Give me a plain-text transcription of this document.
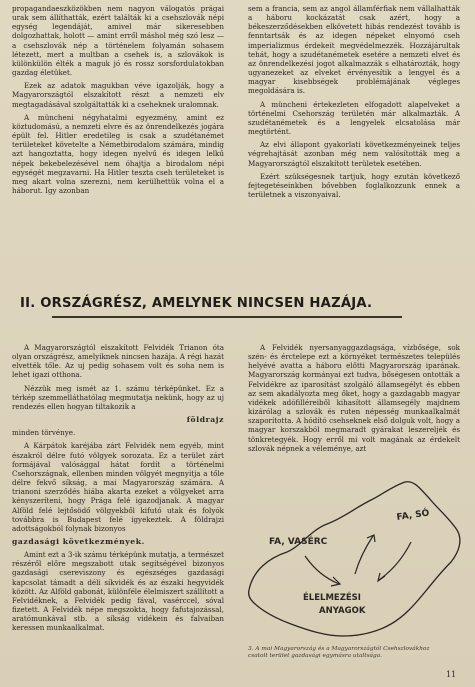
propagandaeszközökben nem nagyon válogatós prágai urak sem állíthatták, ezért találták ki a csehszlovák népi egység legendáját, amivel már sikeresebben dolgozhattak, holott — amint erről máshol még szó lesz — a csehszlovák nép a történelem folyamán sohasem létezett, mert a multban a csehek is, a szlovákok is különkülön élték a maguk jó és rossz sorsfordulatokban gazdag életüket.

Ezek az adatok magukban véve igazolják, hogy a Magyarországtól elszakított részt a nemzeti elv megtagadásával szolgáltatták ki a cseheknek uralomnak.

A müncheni négyhatalmi egyezmény, amint ez köztudomású, a nemzeti elvre és az önrendelkezés jogára épült fel. Hitler eredetileg is csak a szudétanémet területeket követelte a Németbirodalom számára, mindig azt hangoztatta, hogy idegen nyelvű és idegen lelkű népek bekebelezésével nem óhajtja a birodalom népi egységét megzavarni. Ha Hitler teszta cseh területeket is meg akart volna szerezni, nem kerülhettük volna el a háborut. Igy azonban

sem a francia, sem az angol államférfiak nem vállalhatták a háboru kockázatát csak azért, hogy a békeszerződésekben elkövetett hibás rendezést tovább is fenntartsák és az idegen népeket elnyomó cseh imperializmus érdekeit megvédelmezzék. Hozzájárultak tehát, hogy a szudétanémetek esetére a nemzeti elvet és az önrendelkezési jogot alkalmazzák s elhatározták, hogy ugyanezeket az elveket érvényesítik a lengyel és a magyar kisebbségek problémájának végleges megoldására is.

A müncheni értekezleten elfogadott alapelveket a történelmi Csehország területén már alkalmazták. A szudétanémetek és a lengyelek elcsatolása már megtörtént.

Az elvi állapont gyakorlati következményeinek teljes végrehajtását azonban még nem valósították meg a Magyarországtól elszakított területek esetében.

Ezért szükségesnek tartjuk, hogy ezután következő fejtegetéseinkben bővebben foglalkozzunk ennek a területnek a viszonyaival.

II. ORSZÁGRÉSZ, AMELYNEK NINCSEN HAZÁJA.

A Magyarországtól elszakított Felvidék Trianon óta olyan országrész, amelyiknek nincsen hazája. A régi hazát elvették tőle. Az uj pedig sohasem volt és soha nem is lehet igazi otthona.

Nézzük meg ismét az 1. számu térképünket. Ez a térkép szemmelláthatólag megmutatja nekünk, hogy az uj rendezés ellen hogyan tiltakozik a

földrajz

minden törvénye.

A Kárpátok karéjába zárt Felvidék nem egyéb, mint északról délre futó völgyek sorozata. Ez a terület zárt formájával valósággal hátat fordít a történelmi Csehországnak, ellenben minden völgyét megnyitja a tőle délre fekvő síkság, a mai Magyarország számára. A trianoni szerződés hiába akarta ezeket a völgyeket arra kényszeríteni, hogy Prága felé igazodjanak. A magyar Alföld felé lejtősödő völgyekből kifutó utak és folyók továbbra is Budapest felé igyekeztek. A földrajzi adottságokból folynak bizonyos

gazdasági következmények.

Amint ezt a 3-ik számu térképünk mutatja, a természet részéről előre megszabott utak segítségével bizonyos gazdasági csereviszony és egészséges gazdasági kapcsolat támadt a déli síkvidék és az északi hegyvidék között. Az Alföld gabonát, különféle élelmiszert szállított a Felvidéknek, a Felvidék pedig fával, vasérccel, sóval fizetett. A Felvidék népe megszokta, hogy fafutajozással, aratómunkával stb. a síkság vidékein és falvaiban keressen munkaalkalmat.

A Felvidék nyersanyaggazdagsága, vízbősége, sok szén- és érctelepe ezt a környéket természetes település helyévé avatta a háboru előtti Magyarország iparának. Magyarország kormányai ezt tudva, bőségesen ontották a Felvidékre az iparosítást szolgáló államsegélyt és ebben az sem akadályozta meg őket, hogy a gazdagabb magyar vidékek adófilléreiből kihasított államsegély majdnem kizárólag a szlovák és ruten népesség munkaalkalmát szaporította. A hódító csehseknek első dolguk volt, hogy a magyar korszakból megmaradt gyárakat leszereljék és tönkretegyék. Hogy erről mi volt magának az érdekelt szlovák népnek a véleménye, azt

FA, VASÉRC
FA, SÓ
ÉLELMEZÉSI
ANYAGOK
3. A mai Magyarország és a Magyarországtól Csehszlovákhoz csatolt terület gazdasági egymásra utaltsága.
11
